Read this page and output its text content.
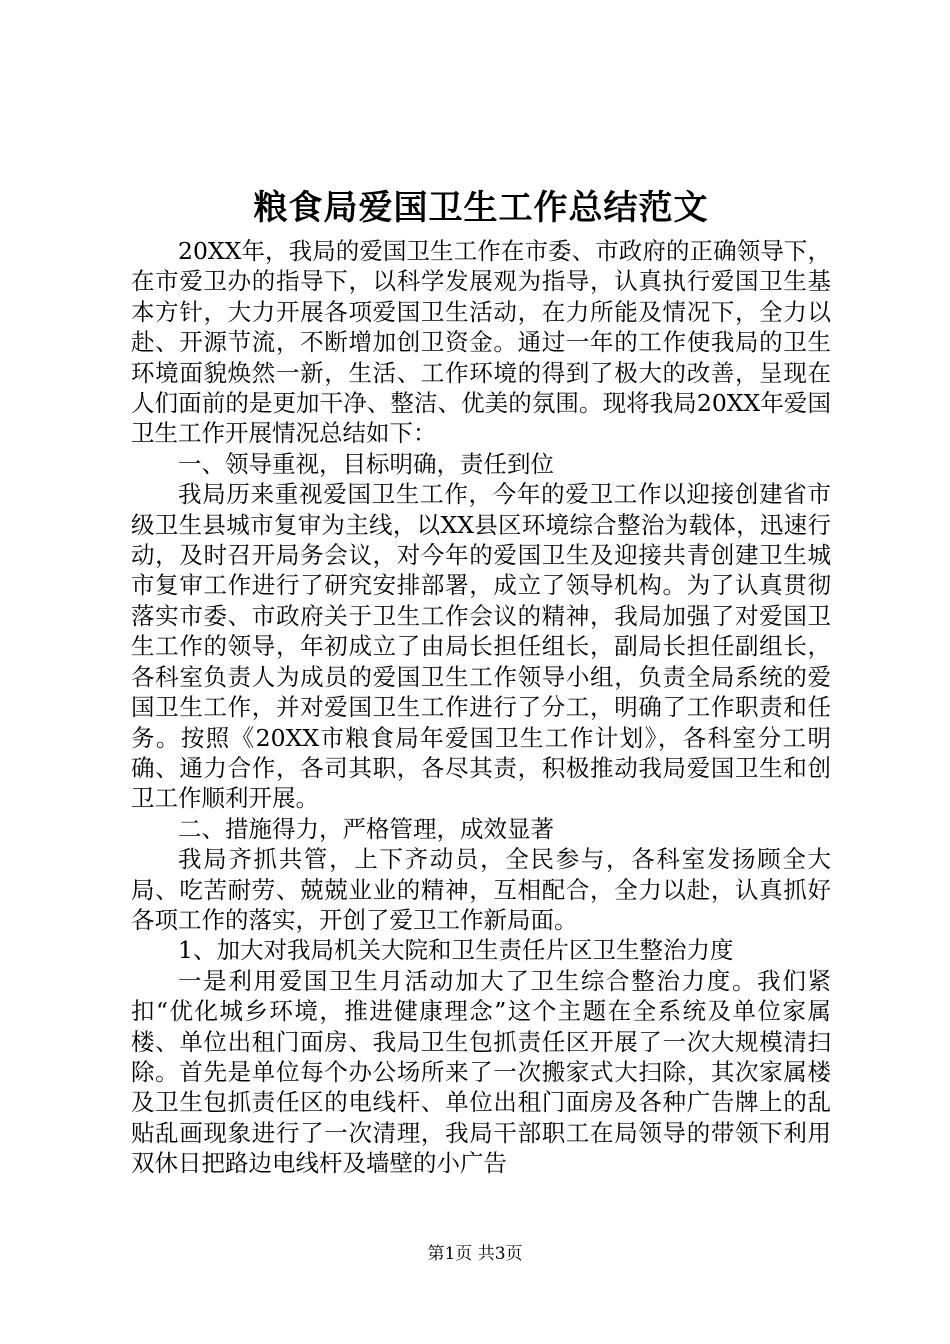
粮食局爱国卫生工作总结范文

20XX年，我局的爱国卫生工作在市委、市政府的正确领导下，在市爱卫办的指导下，以科学发展观为指导，认真执行爱国卫生基本方针，大力开展各项爱国卫生活动，在力所能及情况下，全力以赴、开源节流，不断增加创卫资金。通过一年的工作使我局的卫生环境面貌焕然一新，生活、工作环境的得到了极大的改善，呈现在人们面前的是更加干净、整洁、优美的氛围。现将我局20XX年爱国卫生工作开展情况总结如下：

一、领导重视，目标明确，责任到位

我局历来重视爱国卫生工作，今年的爱卫工作以迎接创建省市级卫生县城市复审为主线，以XX县区环境综合整治为载体，迅速行动，及时召开局务会议，对今年的爱国卫生及迎接共青创建卫生城市复审工作进行了研究安排部署，成立了领导机构。为了认真贯彻落实市委、市政府关于卫生工作会议的精神，我局加强了对爱国卫生工作的领导，年初成立了由局长担任组长，副局长担任副组长，各科室负责人为成员的爱国卫生工作领导小组，负责全局系统的爱国卫生工作，并对爱国卫生工作进行了分工，明确了工作职责和任务。按照《20XX市粮食局年爱国卫生工作计划》，各科室分工明确、通力合作，各司其职，各尽其责，积极推动我局爱国卫生和创卫工作顺利开展。

二、措施得力，严格管理，成效显著

我局齐抓共管，上下齐动员，全民参与，各科室发扬顾全大局、吃苦耐劳、兢兢业业的精神，互相配合，全力以赴，认真抓好各项工作的落实，开创了爱卫工作新局面。

1、加大对我局机关大院和卫生责任片区卫生整治力度

一是利用爱国卫生月活动加大了卫生综合整治力度。我们紧扣“优化城乡环境，推进健康理念”这个主题在全系统及单位家属楼、单位出租门面房、我局卫生包抓责任区开展了一次大规模清扫除。首先是单位每个办公场所来了一次搬家式大扫除，其次家属楼及卫生包抓责任区的电线杆、单位出租门面房及各种广告牌上的乱贴乱画现象进行了一次清理，我局干部职工在局领导的带领下利用双休日把路边电线杆及墙壁的小广告

第1页 共3页
